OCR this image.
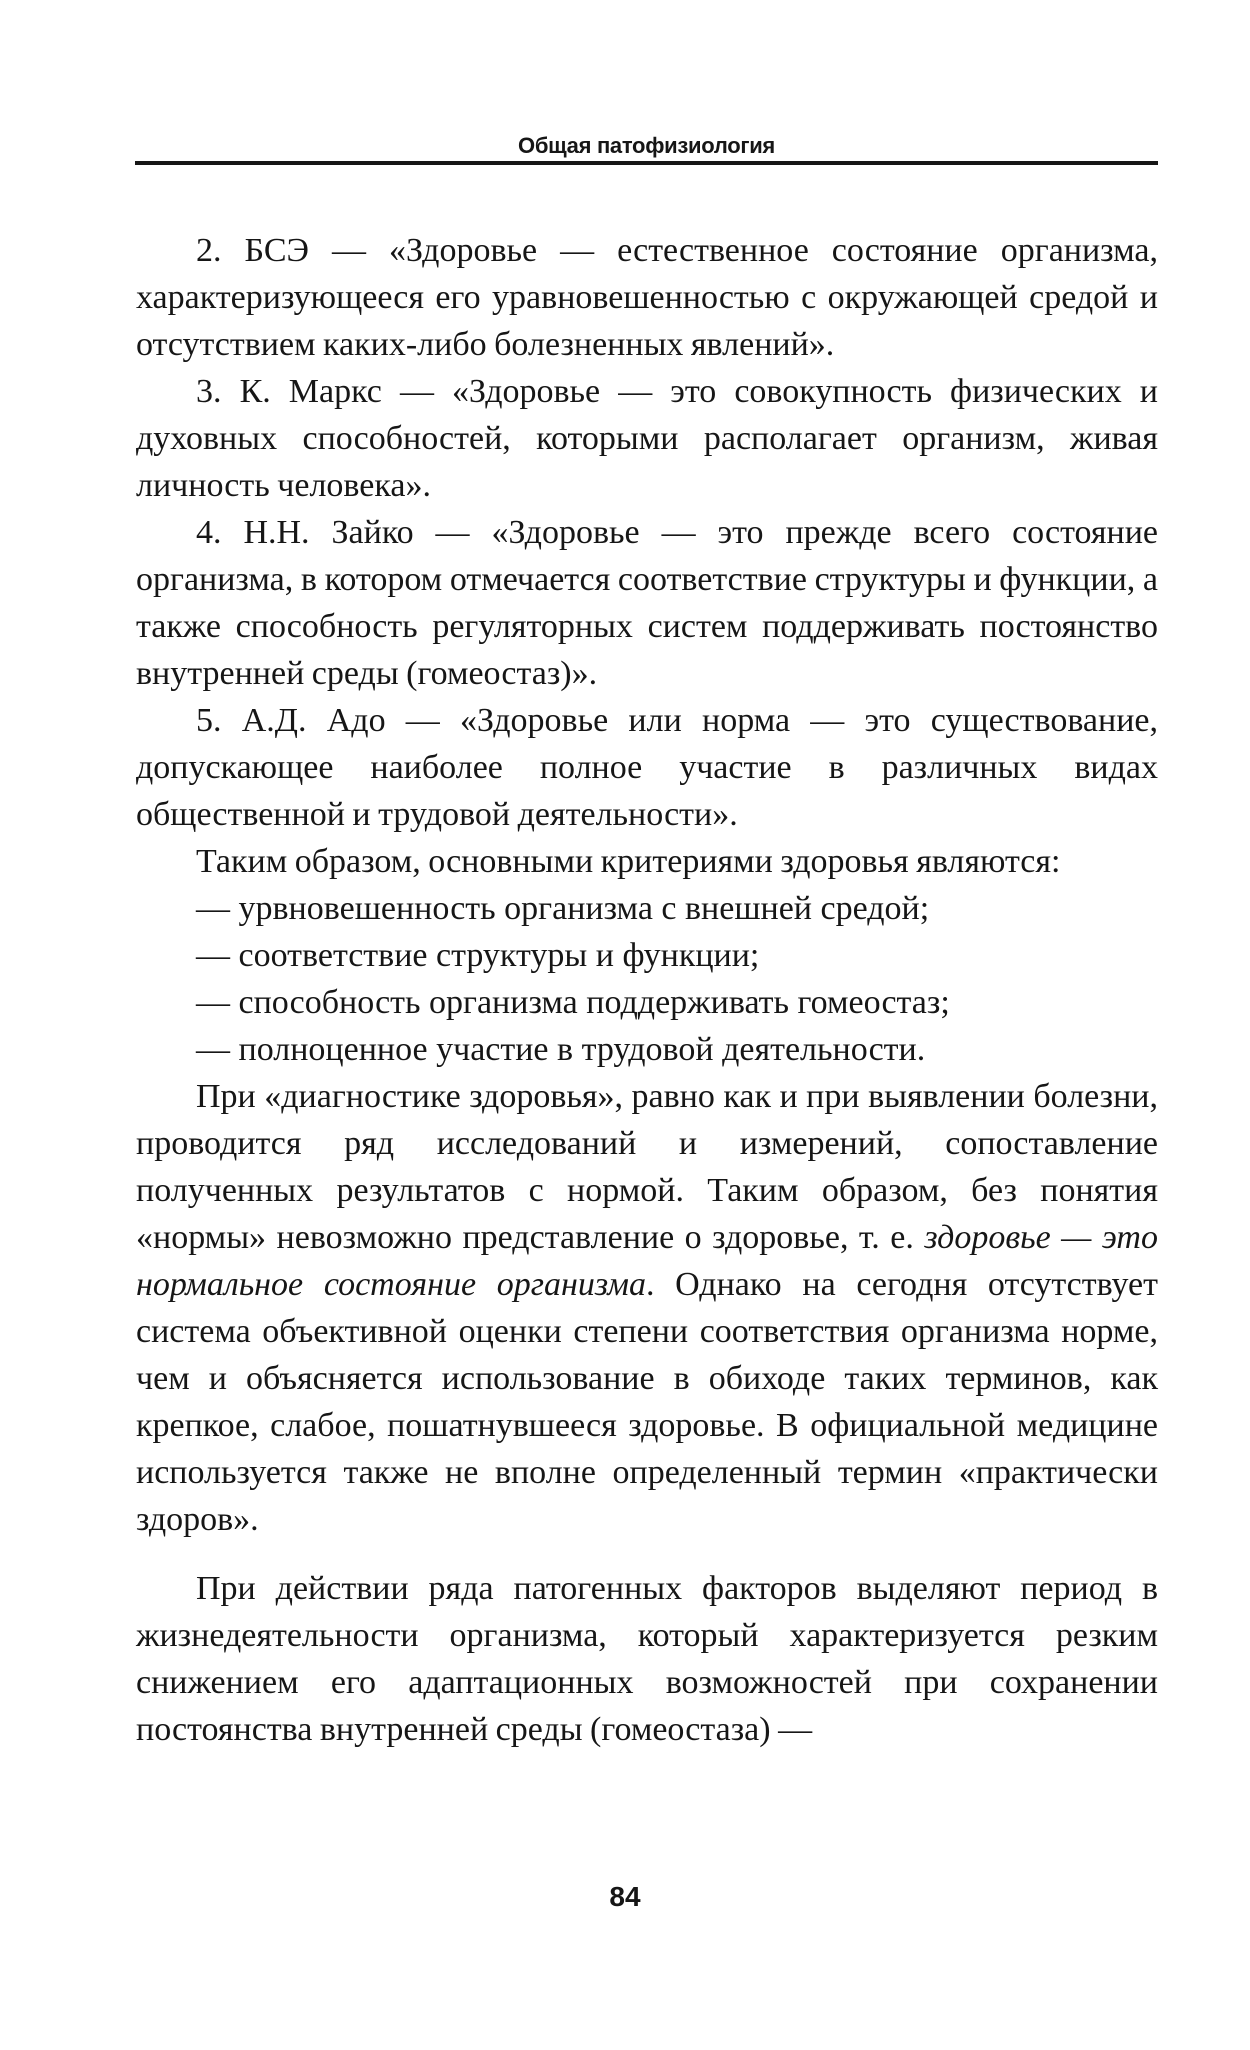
Общая патофизиология

2. БСЭ — «Здоровье — естественное состояние организма, характеризующееся его уравновешенностью с окружающей средой и отсутствием каких-либо болезненных явлений».

3. К. Маркс — «Здоровье — это совокупность физических и духовных способностей, которыми располагает организм, живая личность человека».

4. Н.Н. Зайко — «Здоровье — это прежде всего состояние организма, в котором отмечается соответствие структуры и функции, а также способность регуляторных систем поддерживать постоянство внутренней среды (гомеостаз)».

5. А.Д. Адо — «Здоровье или норма — это существование, допускающее наиболее полное участие в различных видах общественной и трудовой деятельности».

Таким образом, основными критериями здоровья являются:

— урвновешенность организма с внешней средой;
— соответствие структуры и функции;
— способность организма поддерживать гомеостаз;
— полноценное участие в трудовой деятельности.

При «диагностике здоровья», равно как и при выявлении болезни, проводится ряд исследований и измерений, сопоставление полученных результатов с нормой. Таким образом, без понятия «нормы» невозможно представление о здоровье, т. е. здоровье — это нормальное состояние организма. Однако на сегодня отсутствует система объективной оценки степени соответствия организма норме, чем и объясняется использование в обиходе таких терминов, как крепкое, слабое, пошатнувшееся здоровье. В официальной медицине используется также не вполне определенный термин «практически здоров».

При действии ряда патогенных факторов выделяют период в жизнедеятельности организма, который характеризуется резким снижением его адаптационных возможностей при сохранении постоянства внутренней среды (гомеостаза) —

84
